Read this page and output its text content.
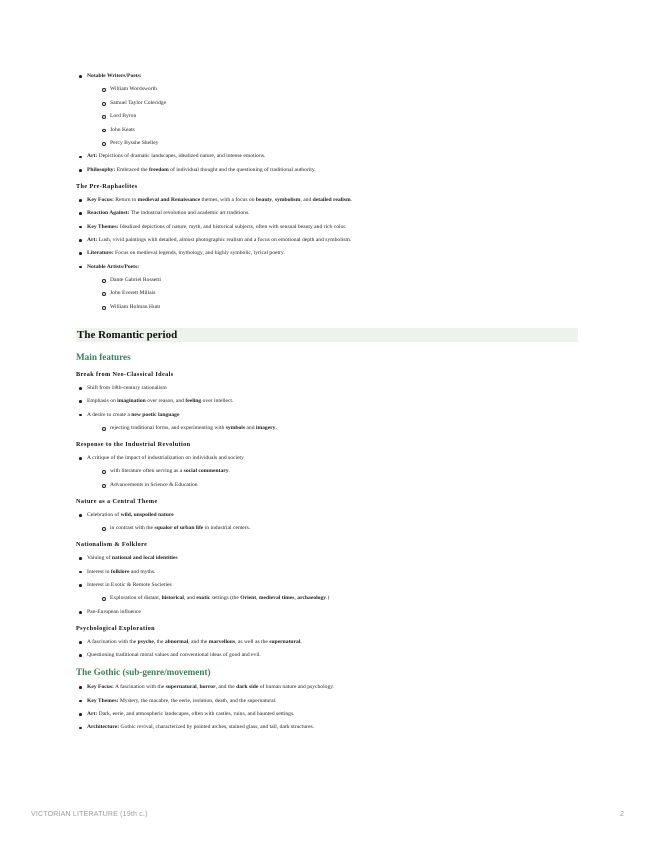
Notable Writers/Poets:
William Wordsworth
Samuel Taylor Coleridge
Lord Byron
John Keats
Percy Bysshe Shelley
Art: Depictions of dramatic landscapes, idealized nature, and intense emotions.
Philosophy: Embraced the freedom of individual thought and the questioning of traditional authority.
The Pre-Raphaelites
Key Focus: Return to medieval and Renaissance themes, with a focus on beauty, symbolism, and detailed realism.
Reaction Against: The industrial revolution and academic art traditions.
Key Themes: Idealized depictions of nature, myth, and historical subjects, often with sensual beauty and rich color.
Art: Lush, vivid paintings with detailed, almost photographic realism and a focus on emotional depth and symbolism.
Literature: Focus on medieval legends, mythology, and highly symbolic, lyrical poetry.
Notable Artists/Poets:
Dante Gabriel Rossetti
John Everett Millais
William Holman Hunt
The Romantic period
Main features
Break from Neo-Classical Ideals
Shift from 18th-century rationalism
Emphasis on imagination over reason, and feeling over intellect.
A desire to create a new poetic language
rejecting traditional forms, and experimenting with symbols and imagery.
Response to the Industrial Revolution
A critique of the impact of industrialization on individuals and society
with literature often serving as a social commentary.
Advancements in Science & Education
Nature as a Central Theme
Celebration of wild, unspoiled nature
in contrast with the squalor of urban life in industrial centers.
Nationalism & Folklore
Valuing of national and local identities
Interest in folklore and myths.
Interest in Exotic & Remote Societies
Exploration of distant, historical, and exotic settings (the Orient, medieval times, archaeology.)
Pan-European influence
Psychological Exploration
A fascination with the psyche, the abnormal, and the marvellous, as well as the supernatural.
Questioning traditional moral values and conventional ideas of good and evil.
The Gothic (sub-genre/movement)
Key Focus: A fascination with the supernatural, horror, and the dark side of human nature and psychology.
Key Themes: Mystery, the macabre, the eerie, isolation, death, and the supernatural.
Art: Dark, eerie, and atmospheric landscapes, often with castles, ruins, and haunted settings.
Architecture: Gothic revival, characterized by pointed arches, stained glass, and tall, dark structures.
VICTORIAN LITERATURE (19th c.)	2
